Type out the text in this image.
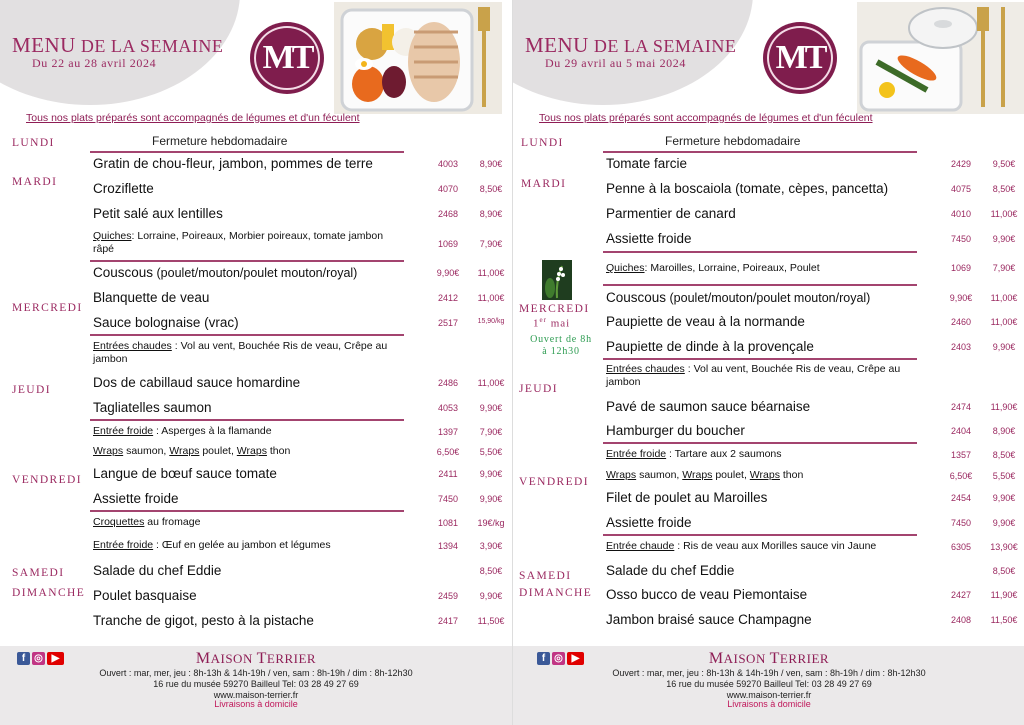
MENU DE LA SEMAINE
Du 22 au 28 avril 2024	MT
Tous nos plats préparés sont accompagnés de légumes et d'un féculent
LUNDI	Fermeture hebdomadaire
MARDI
Gratin de chou-fleur, jambon, pommes de terre	4003	8,90€
Croziflette	4070	8,50€
Petit salé aux lentilles	2468	8,90€
Quiches: Lorraine, Poireaux, Morbier poireaux, tomate jambon râpé	1069	7,90€
Couscous (poulet/mouton/poulet mouton/royal)	9,90€	11,00€
Blanquette de veau	2412	11,00€
MERCREDI
Sauce bolognaise (vrac)	2517	15,90/kg
Entrées chaudes : Vol au vent, Bouchée Ris de veau, Crêpe au jambon
JEUDI	Dos de cabillaud sauce homardine	2486	11,00€
Tagliatelles saumon	4053	9,90€
Entrée froide : Asperges à la flamande	1397	7,90€
Wraps saumon, Wraps poulet, Wraps thon	6,50€	5,50€
VENDREDI Langue de bœuf sauce tomate	2411	9,90€
Assiette froide	7450	9,90€
Croquettes au fromage	1081	19€/kg
Entrée froide : Œuf en gelée au jambon et légumes	1394	3,90€
SAMEDI Salade du chef Eddie	8,50€
DIMANCHE Poulet basquaise	2459	9,90€
Tranche de gigot, pesto à la pistache	2417	11,50€
f ◎ ▶	MAISON TERRIER
Ouvert : mar, mer, jeu : 8h-13h & 14h-19h / ven, sam : 8h-19h / dim : 8h-12h30
16 rue du musée 59270 Bailleul Tel: 03 28 49 27 69
www.maison-terrier.fr
Livraisons à domicile
MENU DE LA SEMAINE
Du 29 avril au 5 mai 2024	MT
Tous nos plats préparés sont accompagnés de légumes et d'un féculent
LUNDI	Fermeture hebdomadaire
MARDI
Tomate farcie	2429	9,50€
Penne à la boscaiola (tomate, cèpes, pancetta)	4075	8,50€
Parmentier de canard	4010	11,00€
Assiette froide	7450	9,90€
Quiches: Maroilles, Lorraine, Poireaux, Poulet	1069	7,90€
MERCREDI
1er mai
Ouvert de 8h
à 12h30
Couscous (poulet/mouton/poulet mouton/royal)	9,90€	11,00€
Paupiette de veau à la normande	2460	11,00€
Paupiette de dinde à la provençale	2403	9,90€
Entrées chaudes : Vol au vent, Bouchée Ris de veau, Crêpe au jambon
JEUDI
Pavé de saumon sauce béarnaise	2474	11,90€
Hamburger du boucher	2404	8,90€
Entrée froide : Tartare aux 2 saumons	1357	8,50€
Wraps saumon, Wraps poulet, Wraps thon	6,50€	5,50€
VENDREDI
Filet de poulet au Maroilles	2454	9,90€
Assiette froide	7450	9,90€
Entrée chaude : Ris de veau aux Morilles sauce vin Jaune	6305	13,90€
SAMEDI	Salade du chef Eddie	8,50€
DIMANCHE Osso bucco de veau Piemontaise	2427	11,90€
Jambon braisé sauce Champagne	2408	11,50€
f ◎ ▶	MAISON TERRIER
Ouvert : mar, mer, jeu : 8h-13h & 14h-19h / ven, sam : 8h-19h / dim : 8h-12h30
16 rue du musée 59270 Bailleul Tel: 03 28 49 27 69
www.maison-terrier.fr
Livraisons à domicile
